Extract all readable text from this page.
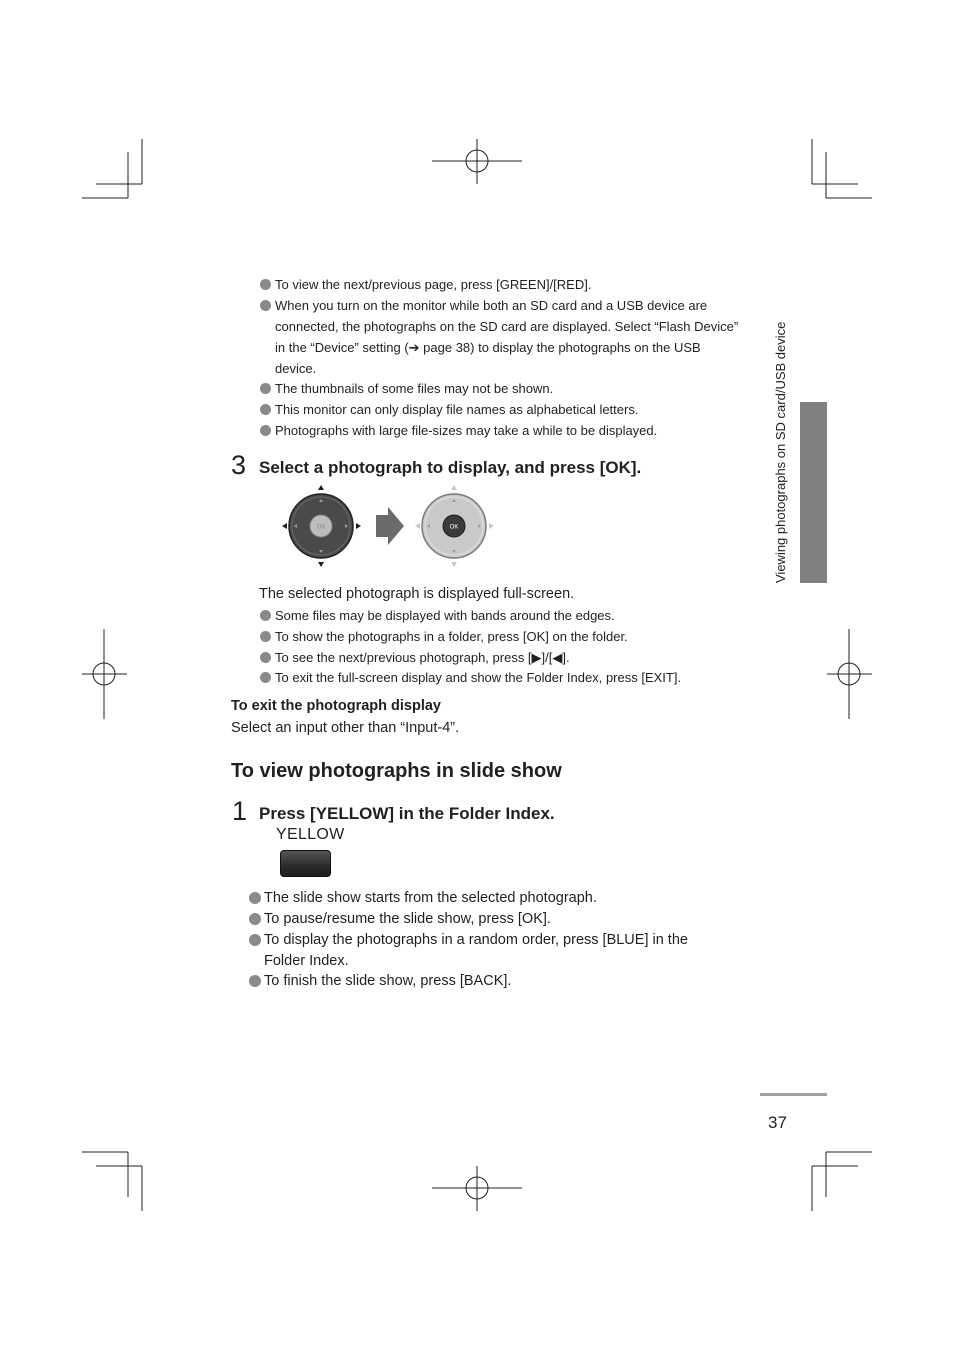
To view the next/previous page, press [GREEN]/[RED].
When you turn on the monitor while both an SD card and a USB device are connected, the photographs on the SD card are displayed. Select “Flash Device” in the “Device” setting (➔ page 38) to display the photographs on the USB device.
The thumbnails of some files may not be shown.
This monitor can only display file names as alphabetical letters.
Photographs with large file-sizes may take a while to be displayed.
3 Select a photograph to display, and press [OK].
OK	OK
The selected photograph is displayed full-screen.
Some files may be displayed with bands around the edges.
To show the photographs in a folder, press [OK] on the folder.
To see the next/previous photograph, press [▶]/[◀].
To exit the full-screen display and show the Folder Index, press [EXIT].
To exit the photograph display
Select an input other than “Input-4”.
To view photographs in slide show
1 Press [YELLOW] in the Folder Index.
YELLOW
The slide show starts from the selected photograph.
To pause/resume the slide show, press [OK].
To display the photographs in a random order, press [BLUE] in the Folder Index.
To finish the slide show, press [BACK].
Viewing photographs on SD card/USB device
37
